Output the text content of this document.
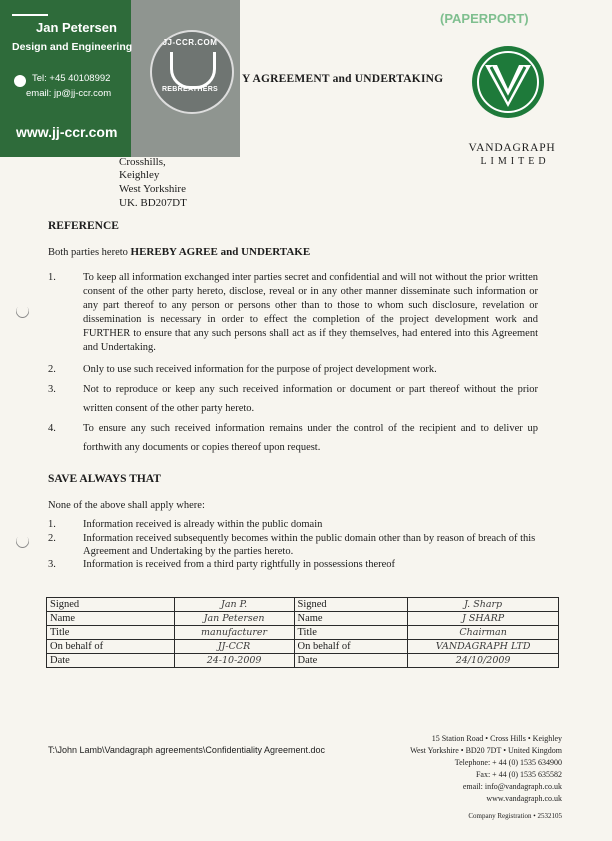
Jan Petersen
Design and Engineering
Tel: +45 40108992
email: jp@jj-ccr.com
www.jj-ccr.com
JJ-CCR.COM
REBREATHERS
Y AGREEMENT and UNDERTAKING
(PAPERPORT)
VANDAGRAPH
LIMITED
Crosshills,
Keighley
West Yorkshire
UK. BD207DT
REFERENCE
Both parties hereto HEREBY AGREE and UNDERTAKE
1.	To keep all information exchanged inter parties secret and confidential and will not without the prior written consent of the other party hereto, disclose, reveal or in any other manner disseminate such information or any part thereof to any person or persons other than to those to whom such disclosure, revelation or dissemination is necessary in order to effect the completion of the project development work and FURTHER to ensure that any such persons shall act as if they themselves, had entered into this Agreement and Undertaking.
2.	Only to use such received information for the purpose of project development work.
3.	Not to reproduce or keep any such received information or document or part thereof without the prior written consent of the other party hereto.
4.	To ensure any such received information remains under the control of the recipient and to deliver up forthwith any documents or copies thereof upon request.
SAVE ALWAYS THAT
None of the above shall apply where:
1.	Information received is already within the public domain
2.	Information received subsequently becomes within the public domain other than by reason of breach of this Agreement and Undertaking by the parties hereto.
3.	Information is received from a third party rightfully in possessions thereof
Signed	Jan P.	Signed	J. Sharp
Name	Jan Petersen	Name	J SHARP
Title	manufacturer	Title	Chairman
On behalf of	JJ-CCR	On behalf of	VANDAGRAPH LTD
Date	24-10-2009	Date	24/10/2009
T:\John Lamb\Vandagraph agreements\Confidentiality Agreement.doc
15 Station Road • Cross Hills • Keighley
West Yorkshire • BD20 7DT • United Kingdom
Telephone: + 44 (0) 1535 634900
Fax: + 44 (0) 1535 635582
email: info@vandagraph.co.uk
www.vandagraph.co.uk
Company Registration • 2532105
